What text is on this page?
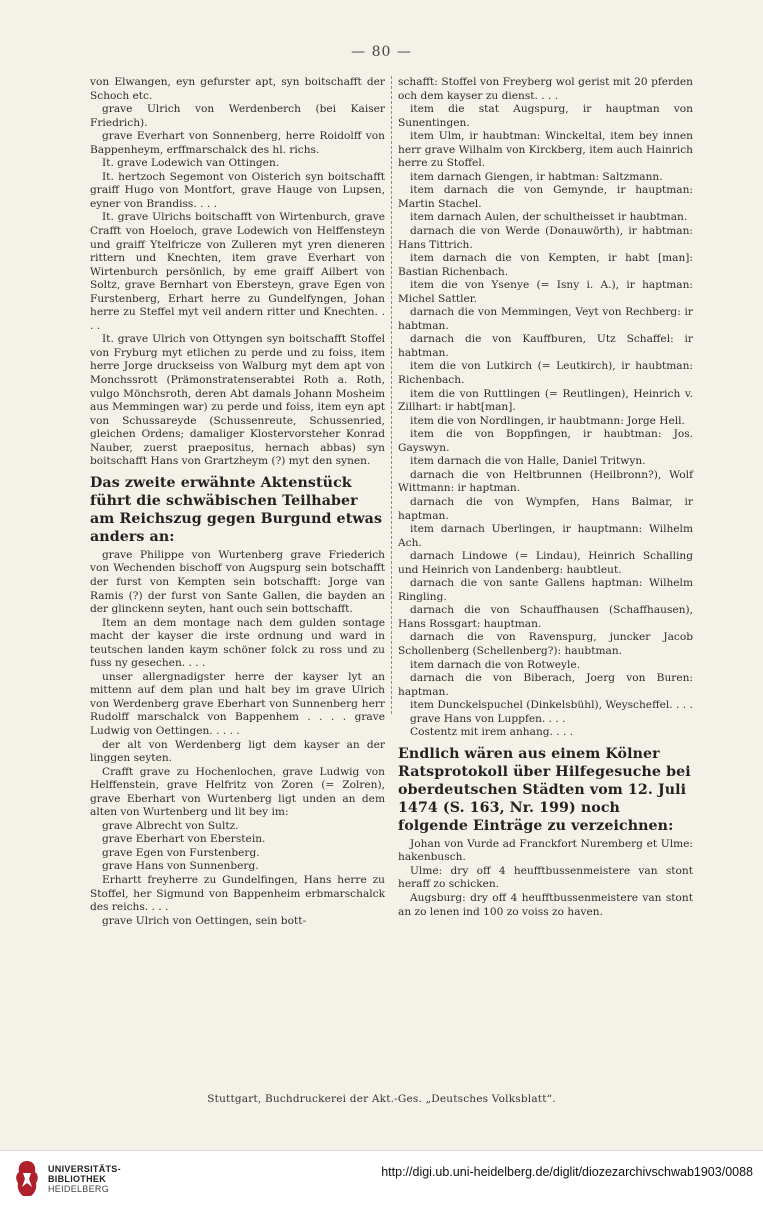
— 80 —

von Elwangen, eyn gefurster apt, syn boitschafft der Schoch etc.

grave Ulrich von Werdenberch (bei Kaiser Friedrich).

grave Everhart von Sonnenberg, herre Roidolff von Bappenheym, erffmarschalck des hl. richs.

It. grave Lodewich van Ottingen.

It. hertzoch Segemont von Oisterich syn boitschafft graiff Hugo von Montfort, grave Hauge von Lupsen, eyner von Brandiss. . . .

It. grave Ulrichs boitschafft von Wirtenburch, grave Crafft von Hoeloch, grave Lodewich von Helffensteyn und graiff Ytelfricze von Zulleren myt yren dieneren rittern und Knechten, item grave Everhart von Wirtenburch persönlich, by eme graiff Ailbert von Soltz, grave Bernhart von Ebersteyn, grave Egen von Furstenberg, Erhart herre zu Gundelfyngen, Johan herre zu Steffel myt veil andern ritter und Knechten. . . .

It. grave Ulrich von Ottyngen syn boitschafft Stoffel von Fryburg myt etlichen zu perde und zu foiss, item herre Jorge druckseiss von Walburg myt dem apt von Monchssrott (Prämonstratenserabtei Roth a. Roth, vulgo Mönchsroth, deren Abt damals Johann Mosheim aus Memmingen war) zu perde und foiss, item eyn apt von Schussareyde (Schussenreute, Schussenried, gleichen Ordens; damaliger Klostervorsteher Konrad Nauber, zuerst praepositus, hernach abbas) syn boitschafft Hans von Grartzheym (?) myt den synen.

Das zweite erwähnte Aktenstück führt die schwäbischen Teilhaber am Reichszug gegen Burgund etwas anders an:

grave Philippe von Wurtenberg grave Friederich von Wechenden bischoff von Augspurg sein botschafft der furst von Kempten sein botschafft: Jorge van Ramis (?) der furst von Sante Gallen, die bayden an der glinckenn seyten, hant ouch sein bottschafft.

Item an dem montage nach dem gulden sontage macht der kayser die irste ordnung und ward in teutschen landen kaym schöner folck zu ross und zu fuss ny gesechen. . . .

unser allergnadigster herre der kayser lyt an mittenn auf dem plan und halt bey im grave Ulrich von Werdenberg grave Eberhart von Sunnenberg herr Rudolff marschalck von Bappenhem . . . . grave Ludwig von Oettingen. . . . .

der alt von Werdenberg ligt dem kayser an der linggen seyten.

Crafft grave zu Hochenlochen, grave Ludwig von Helffenstein, grave Helfritz von Zoren (= Zolren), grave Eberhart von Wurtenberg ligt unden an dem alten von Wurtenberg und lit bey im:

grave Albrecht von Sultz.

grave Eberhart von Eberstein.

grave Egen von Furstenberg.

grave Hans von Sunnenberg.

Erhartt freyherre zu Gundelfingen, Hans herre zu Stoffel, her Sigmund von Bappenheim erbmarschalck des reichs. . . .

grave Ulrich von Oettingen, sein bott-

schafft: Stoffel von Freyberg wol gerist mit 20 pferden och dem kayser zu dienst. . . .

item die stat Augspurg, ir hauptman von Sunentingen.

item Ulm, ir haubtman: Winckeltal, item bey innen herr grave Wilhalm von Kirckberg, item auch Hainrich herre zu Stoffel.

item darnach Giengen, ir habtman: Saltzmann.

item darnach die von Gemynde, ir hauptman: Martin Stachel.

item darnach Aulen, der schultheisset ir haubtman.

darnach die von Werde (Donauwörth), ir habtman: Hans Tittrich.

item darnach die von Kempten, ir habt [man]: Bastian Richenbach.

item die von Ysenye (= Isny i. A.), ir haptman: Michel Sattler.

darnach die von Memmingen, Veyt von Rechberg: ir habtman.

darnach die von Kauffburen, Utz Schaffel: ir habtman.

item die von Lutkirch (= Leutkirch), ir haubtman: Richenbach.

item die von Ruttlingen (= Reutlingen), Heinrich v. Zillhart: ir habt[man].

item die von Nordlingen, ir haubtmann: Jorge Hell.

item die von Boppfingen, ir haubtman: Jos. Gayswyn.

item darnach die von Halle, Daniel Tritwyn.

darnach die von Heltbrunnen (Heilbronn?), Wolf Wittmann: ir haptman.

darnach die von Wympfen, Hans Balmar, ir haptman.

item darnach Uberlingen, ir hauptmann: Wilhelm Ach.

darnach Lindowe (= Lindau), Heinrich Schalling und Heinrich von Landenberg: haubtleut.

darnach die von sante Gallens haptman: Wilhelm Ringling.

darnach die von Schauffhausen (Schaffhausen), Hans Rossgart: hauptman.

darnach die von Ravenspurg, juncker Jacob Schollenberg (Schellenberg?): haubtman.

item darnach die von Rotweyle.

darnach die von Biberach, Joerg von Buren: haptman.

item Dunckelspuchel (Dinkelsbühl), Weyscheffel. . . .

grave Hans von Luppfen. . . .

Costentz mit irem anhang. . . .

Endlich wären aus einem Kölner Ratsprotokoll über Hilfegesuche bei oberdeutschen Städten vom 12. Juli 1474 (S. 163, Nr. 199) noch folgende Einträge zu verzeichnen:

Johan von Vurde ad Franckfort Nuremberg et Ulme: hakenbusch.

Ulme: dry off 4 heufftbussenmeistere van stont heraff zo schicken.

Augsburg: dry off 4 heufftbussenmeistere van stont an zo lenen ind 100 zo voiss zo haven.

Stuttgart, Buchdruckerei der Akt.-Ges. „Deutsches Volksblatt“.
UNIVERSITÄTS-
BIBLIOTHEK
HEIDELBERG
http://digi.ub.uni-heidelberg.de/diglit/diozezarchivschwab1903/0088
